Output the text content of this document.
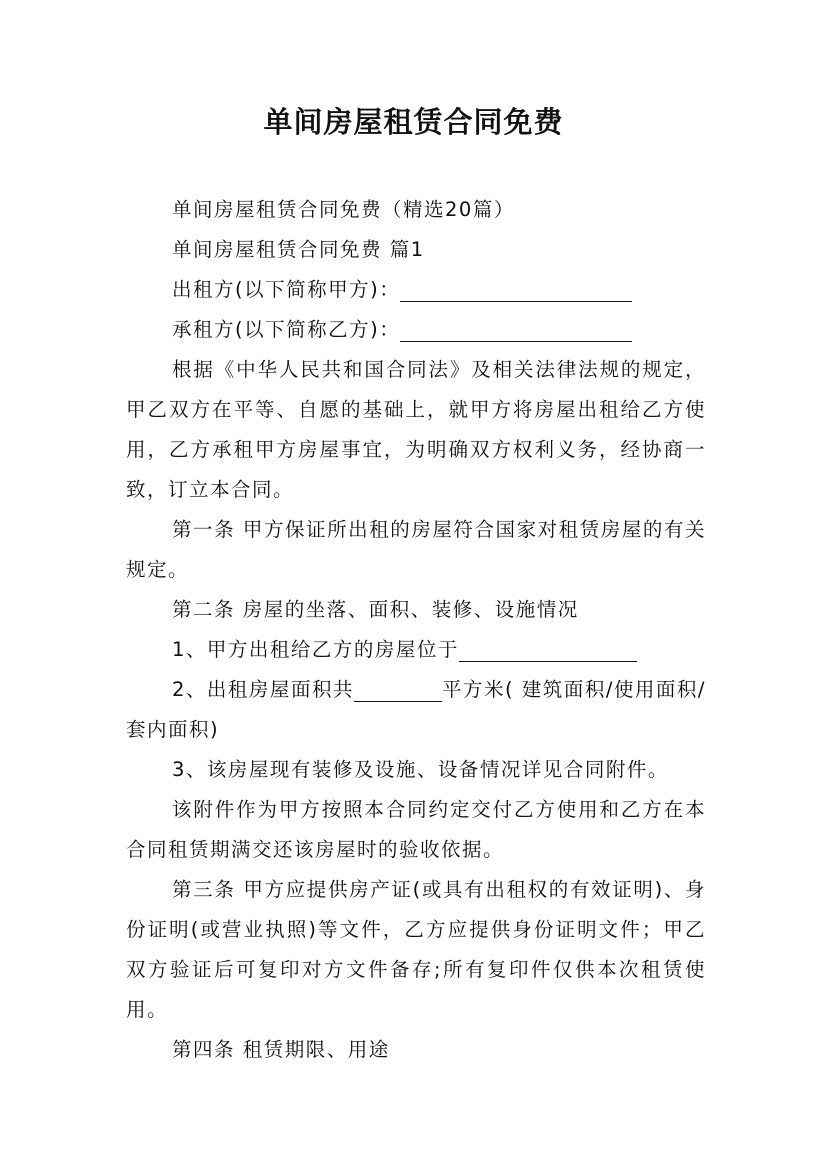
单间房屋租赁合同免费

单间房屋租赁合同免费（精选20篇）

单间房屋租赁合同免费 篇1

出租方(以下简称甲方)：

承租方(以下简称乙方)：

根据《中华人民共和国合同法》及相关法律法规的规定，甲乙双方在平等、自愿的基础上，就甲方将房屋出租给乙方使用，乙方承租甲方房屋事宜，为明确双方权利义务，经协商一致，订立本合同。

第一条 甲方保证所出租的房屋符合国家对租赁房屋的有关规定。

第二条 房屋的坐落、面积、装修、设施情况

1、甲方出租给乙方的房屋位于

2、出租房屋面积共	平方米( 建筑面积/使用面积/套内面积)

3、该房屋现有装修及设施、设备情况详见合同附件。

该附件作为甲方按照本合同约定交付乙方使用和乙方在本合同租赁期满交还该房屋时的验收依据。

第三条 甲方应提供房产证(或具有出租权的有效证明)、身份证明(或营业执照)等文件，乙方应提供身份证明文件；甲乙双方验证后可复印对方文件备存;所有复印件仅供本次租赁使用。

第四条 租赁期限、用途
